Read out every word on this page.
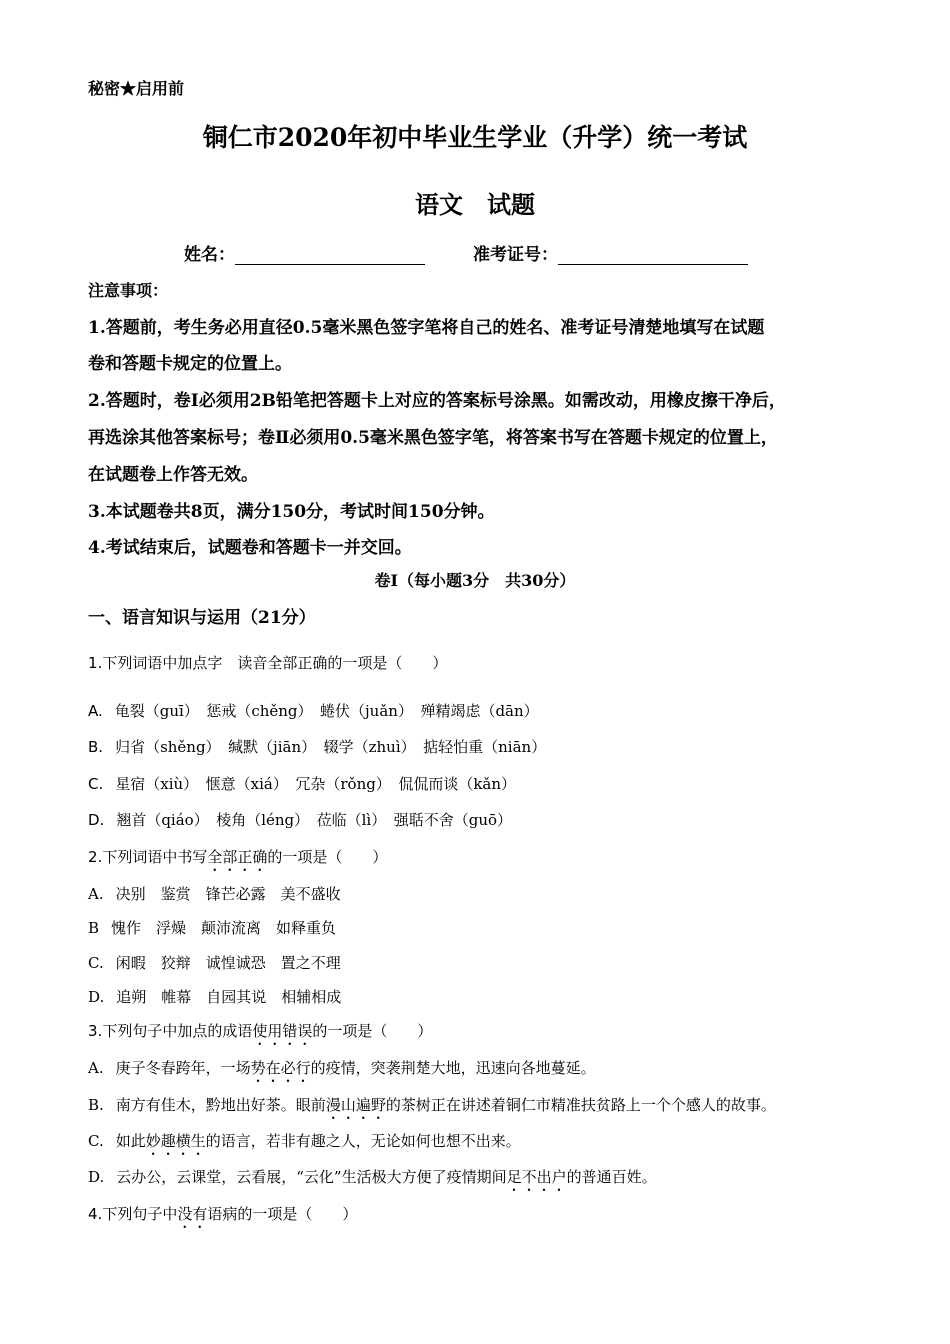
秘密★启用前
铜仁市2020年初中毕业生学业（升学）统一考试
语文　试题
姓名：	准考证号：
注意事项：
1.答题前，考生务必用直径0.5毫米黑色签字笔将自己的姓名、准考证号清楚地填写在试题
卷和答题卡规定的位置上。
2.答题时，卷Ⅰ必须用2B铅笔把答题卡上对应的答案标号涂黑。如需改动，用橡皮擦干净后，
再选涂其他答案标号；卷Ⅱ必须用0.5毫米黑色签字笔，将答案书写在答题卡规定的位置上，
在试题卷上作答无效。
3.本试题卷共8页，满分150分，考试时间150分钟。
4.考试结束后，试题卷和答题卡一并交回。
卷Ⅰ（每小题3分　共30分）
一、语言知识与运用（21分）
1.下列词语中加点字　读音全部正确的一项是（　　）
A. 龟裂（guī）　惩戒（chěng）　蜷伏（juǎn）　殚精竭虑（dān）
B. 归省（shěng）　缄默（jiān）　辍学（zhuì）　掂轻怕重（niān）
C. 星宿（xiù）　惬意（xiá）　冗杂（rǒng）　侃侃而谈（kǎn）
D. 翘首（qiáo）　棱角（léng）　莅临（lì）　强聒不舍（guō）
2.下列词语中书写全部正确的一项是（　　）
A. 决别　鉴赏　锋芒必露　美不盛收
B 愧作　浮燥　颠沛流离　如释重负
C. 闲暇　狡辩　诚惶诚恐　置之不理
D. 追朔　帷幕　自园其说　相辅相成
3.下列句子中加点的成语使用错误的一项是（　　）
A. 庚子冬春跨年，一场势在必行的疫情，突袭荆楚大地，迅速向各地蔓延。
B. 南方有佳木，黔地出好茶。眼前漫山遍野的茶树正在讲述着铜仁市精准扶贫路上一个个感人的故事。
C. 如此妙趣横生的语言，若非有趣之人，无论如何也想不出来。
D. 云办公，云课堂，云看展，“云化”生活极大方便了疫情期间足不出户的普通百姓。
4.下列句子中没有语病的一项是（　　）
